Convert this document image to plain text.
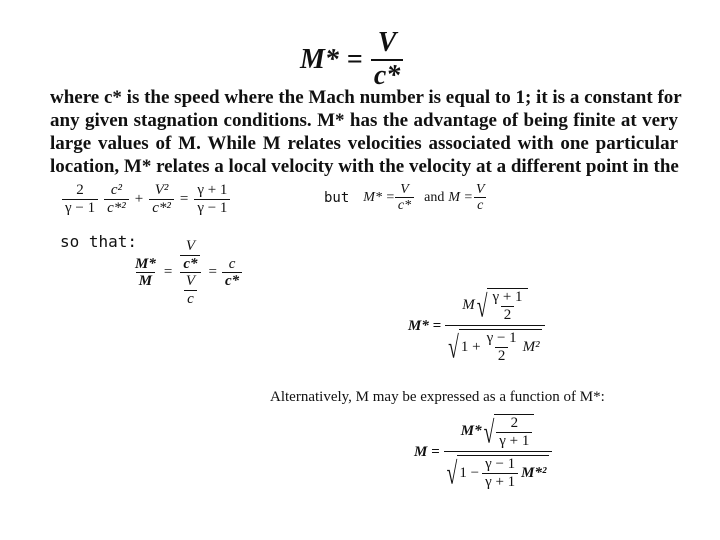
$M* = \frac{V}{c*}$
where c* is the speed where the Mach number is equal to 1; it is a constant for
any given stagnation conditions. M* has the advantage of being finite at very
large values of M. While M relates velocities associated with one particular
location, M* relates a local velocity with the velocity at a different point in the
$\frac{2}{\gamma - 1} \frac{\text{c²}}{\text{c*²}} + \frac{\text{V²}}{\text{c*²}} = \frac{\gamma + 1}{\gamma - 1}$	but $M* = \frac{V}{c*}$ and $M = \frac{V}{c}$
so that:
$\frac{M*}{M} = \frac{\frac{V}{c*}}{\frac{V}{c}} = \frac{c}{c*}$
M* =
M √ $\frac{\gamma + 1}{2}$
√ $1 + \frac{\gamma - 1}{2} M^2$
Alternatively, M may be expressed as a function of M*:
M =
M* √ $\frac{2}{\gamma + 1}$
√ $1 - \frac{\gamma - 1}{\gamma + 1} M*^2$
